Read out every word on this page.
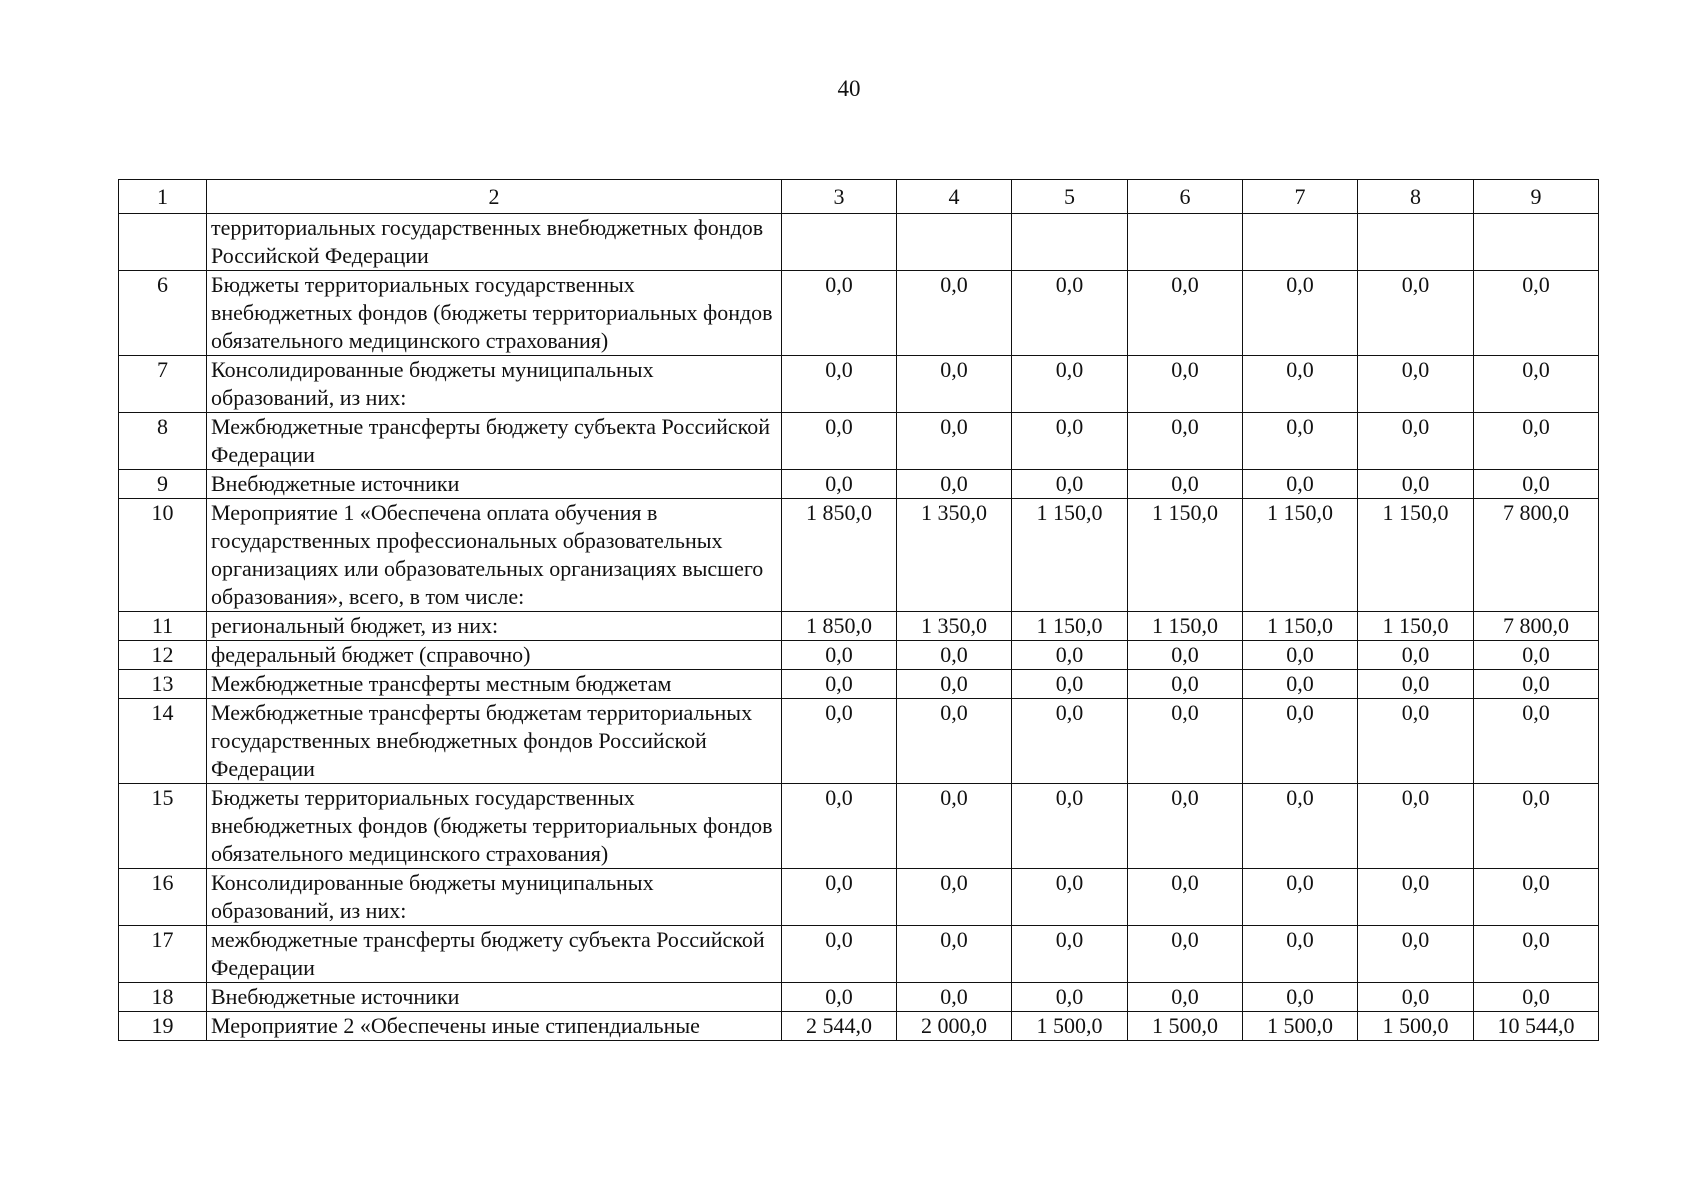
40
1	2	3	4	5	6	7	8	9
	территориальных государственных внебюджетных фондов Российской Федерации							
6	Бюджеты территориальных государственных внебюджетных фондов (бюджеты территориальных фондов обязательного медицинского страхования)	0,0	0,0	0,0	0,0	0,0	0,0	0,0
7	Консолидированные бюджеты муниципальных образований, из них:	0,0	0,0	0,0	0,0	0,0	0,0	0,0
8	Межбюджетные трансферты бюджету субъекта Российской Федерации	0,0	0,0	0,0	0,0	0,0	0,0	0,0
9	Внебюджетные источники	0,0	0,0	0,0	0,0	0,0	0,0	0,0
10	Мероприятие 1 «Обеспечена оплата обучения в государственных профессиональных образовательных организациях или образовательных организациях высшего образования», всего, в том числе:	1 850,0	1 350,0	1 150,0	1 150,0	1 150,0	1 150,0	7 800,0
11	региональный бюджет, из них:	1 850,0	1 350,0	1 150,0	1 150,0	1 150,0	1 150,0	7 800,0
12	федеральный бюджет (справочно)	0,0	0,0	0,0	0,0	0,0	0,0	0,0
13	Межбюджетные трансферты местным бюджетам	0,0	0,0	0,0	0,0	0,0	0,0	0,0
14	Межбюджетные трансферты бюджетам территориальных государственных внебюджетных фондов Российской Федерации	0,0	0,0	0,0	0,0	0,0	0,0	0,0
15	Бюджеты территориальных государственных внебюджетных фондов (бюджеты территориальных фондов обязательного медицинского страхования)	0,0	0,0	0,0	0,0	0,0	0,0	0,0
16	Консолидированные бюджеты муниципальных образований, из них:	0,0	0,0	0,0	0,0	0,0	0,0	0,0
17	межбюджетные трансферты бюджету субъекта Российской Федерации	0,0	0,0	0,0	0,0	0,0	0,0	0,0
18	Внебюджетные источники	0,0	0,0	0,0	0,0	0,0	0,0	0,0
19	Мероприятие 2 «Обеспечены иные стипендиальные	2 544,0	2 000,0	1 500,0	1 500,0	1 500,0	1 500,0	10 544,0
